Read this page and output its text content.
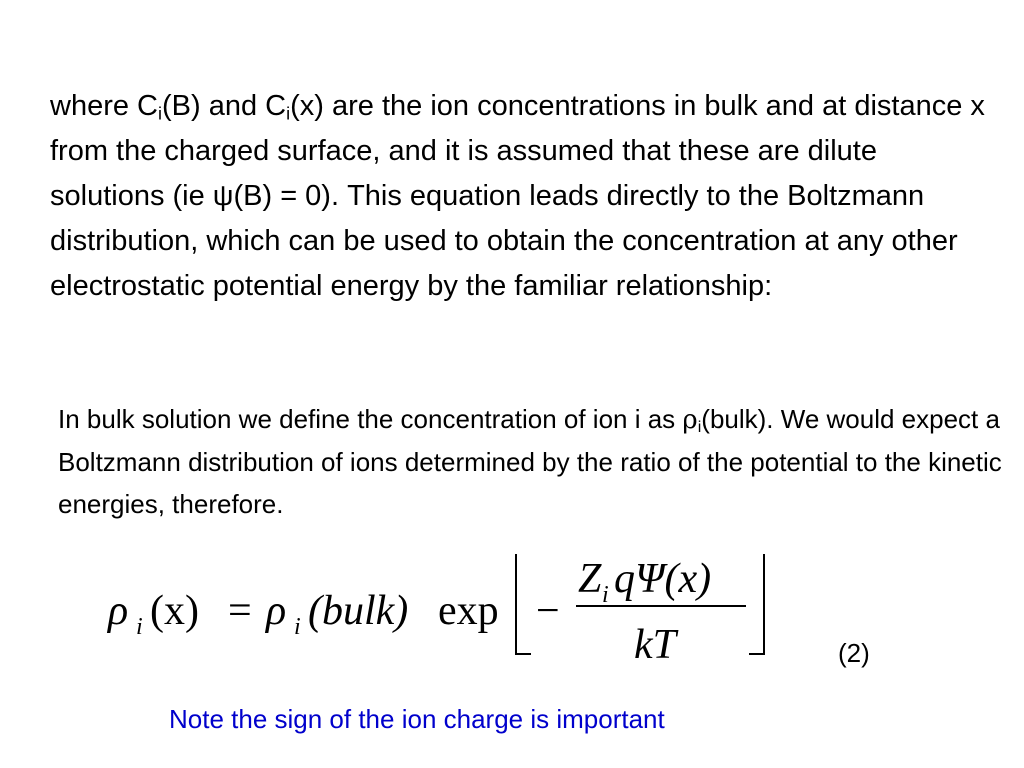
where $C_i(B)$ and $C_i(x)$ are the ion concentrations in bulk and at distance x from the charged surface, and it is assumed that these are dilute solutions (ie ψ(B) = 0). This equation leads directly to the Boltzmann distribution, which can be used to obtain the concentration at any other electrostatic potential energy by the familiar relationship:

In bulk solution we define the concentration of ion i as $\rho_i(bulk)$. We would expect a Boltzmann distribution of ions determined by the ratio of the potential to the kinetic energies, therefore.

ρ i (x) = ρ i (bulk) exp −
Z i qΨ(x)
kT	(2)
Note the sign of the ion charge is important
